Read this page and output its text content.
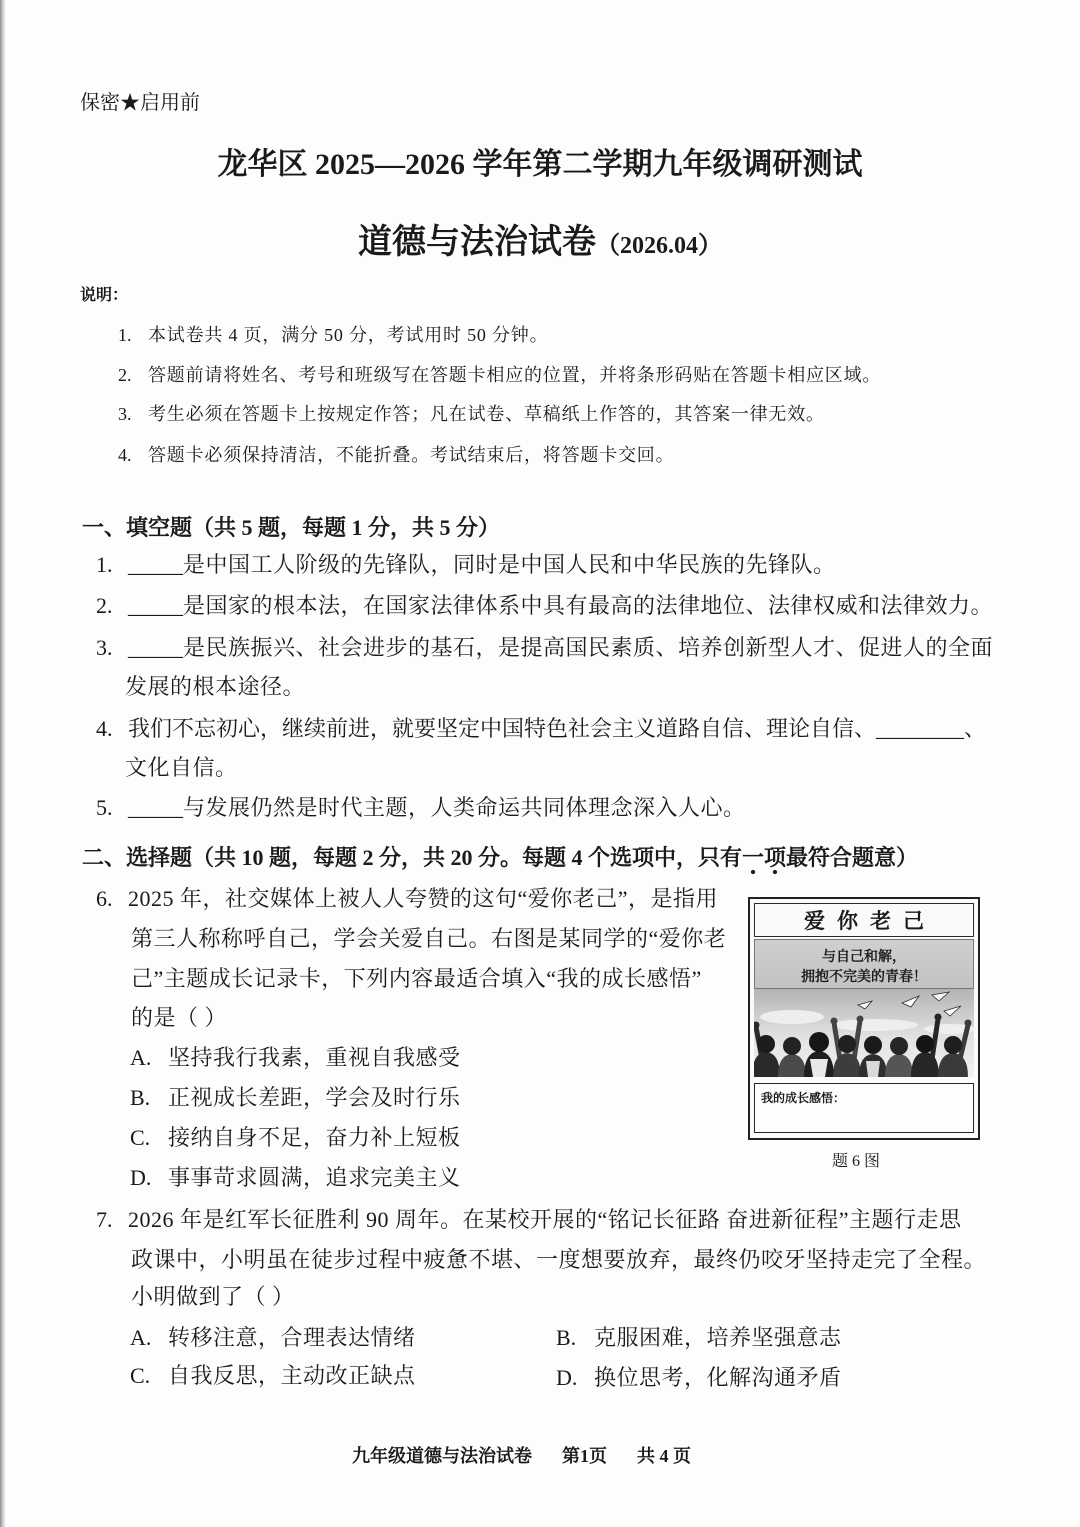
保密★启用前
龙华区 2025—2026 学年第二学期九年级调研测试
道德与法治试卷（2026.04）
说明：
1. 本试卷共 4 页，满分 50 分，考试用时 50 分钟。
2. 答题前请将姓名、考号和班级写在答题卡相应的位置，并将条形码贴在答题卡相应区域。
3. 考生必须在答题卡上按规定作答；凡在试卷、草稿纸上作答的，其答案一律无效。
4. 答题卡必须保持清洁，不能折叠。考试结束后，将答题卡交回。
一、填空题（共 5 题，每题 1 分，共 5 分）
1. _____是中国工人阶级的先锋队，同时是中国人民和中华民族的先锋队。
2. _____是国家的根本法，在国家法律体系中具有最高的法律地位、法律权威和法律效力。
3. _____是民族振兴、社会进步的基石，是提高国民素质、培养创新型人才、促进人的全面
发展的根本途径。
4. 我们不忘初心，继续前进，就要坚定中国特色社会主义道路自信、理论自信、________、
文化自信。
5. _____与发展仍然是时代主题，人类命运共同体理念深入人心。
二、选择题（共 10 题，每题 2 分，共 20 分。每题 4 个选项中，只有一项最符合题意）
6. 2025 年，社交媒体上被人人夸赞的这句“爱你老己”，是指用
第三人称称呼自己，学会关爱自己。右图是某同学的“爱你老
己”主题成长记录卡，下列内容最适合填入“我的成长感悟”
的是（ ）
A. 坚持我行我素，重视自我感受
B. 正视成长差距，学会及时行乐
C. 接纳自身不足，奋力补上短板
D. 事事苛求圆满，追求完美主义
爱你老己
与自己和解，
拥抱不完美的青春！
我的成长感悟：
题 6 图
7. 2026 年是红军长征胜利 90 周年。在某校开展的“铭记长征路 奋进新征程”主题行走思
政课中，小明虽在徒步过程中疲惫不堪、一度想要放弃，最终仍咬牙坚持走完了全程。
小明做到了（ ）
A. 转移注意，合理表达情绪	B. 克服困难，培养坚强意志
C. 自我反思，主动改正缺点	D. 换位思考，化解沟通矛盾
九年级道德与法治试卷 第1页 共 4 页
